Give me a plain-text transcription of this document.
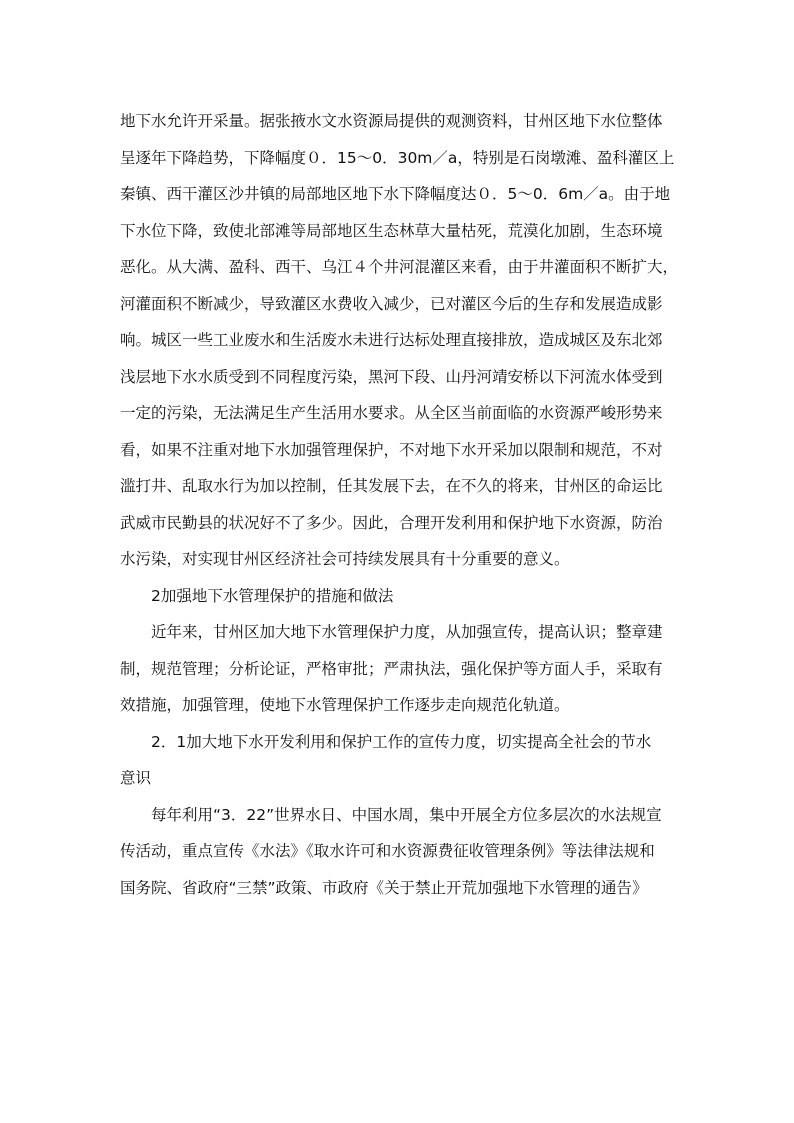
地下水允许开采量。据张掖水文水资源局提供的观测资料，甘州区地下水位整体
呈逐年下降趋势，下降幅度０．15～0．30m／a，特别是石岗墩滩、盈科灌区上
秦镇、西干灌区沙井镇的局部地区地下水下降幅度达０．5～0．6m／a。由于地
下水位下降，致使北部滩等局部地区生态林草大量枯死，荒漠化加剧，生态环境
恶化。从大满、盈科、西干、乌江４个井河混灌区来看，由于井灌面积不断扩大，
河灌面积不断减少，导致灌区水费收入减少，已对灌区今后的生存和发展造成影
响。城区一些工业废水和生活废水未进行达标处理直接排放，造成城区及东北郊
浅层地下水水质受到不同程度污染，黑河下段、山丹河靖安桥以下河流水体受到
一定的污染，无法满足生产生活用水要求。从全区当前面临的水资源严峻形势来
看，如果不注重对地下水加强管理保护，不对地下水开采加以限制和规范，不对
滥打井、乱取水行为加以控制，任其发展下去，在不久的将来，甘州区的命运比
武威市民勤县的状况好不了多少。因此，合理开发利用和保护地下水资源，防治
水污染，对实现甘州区经济社会可持续发展具有十分重要的意义。
2加强地下水管理保护的措施和做法
近年来，甘州区加大地下水管理保护力度，从加强宣传，提高认识；整章建
制，规范管理；分析论证，严格审批；严肃执法，强化保护等方面人手，采取有
效措施，加强管理，使地下水管理保护工作逐步走向规范化轨道。
2．1加大地下水开发利用和保护工作的宣传力度，切实提高全社会的节水
意识
每年利用“3．22”世界水日、中国水周，集中开展全方位多层次的水法规宣
传活动，重点宣传《水法》《取水许可和水资源费征收管理条例》等法律法规和
国务院、省政府“三禁”政策、市政府《关于禁止开荒加强地下水管理的通告》
